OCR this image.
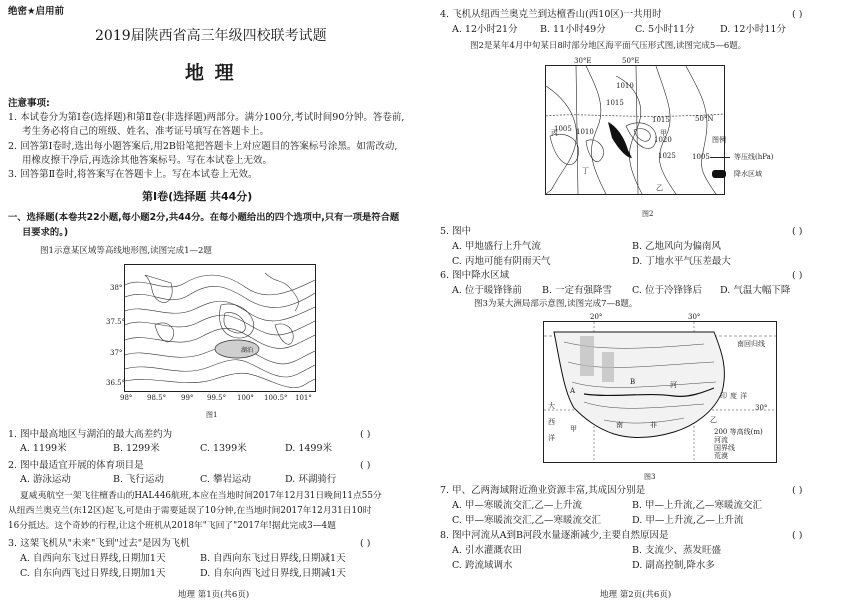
绝密★启用前
2019届陕西省高三年级四校联考试题
地 理
注意事项:
1. 本试卷分为第Ⅰ卷(选择题)和第Ⅱ卷(非选择题)两部分。满分100分,考试时间90分钟。答卷前,
考生务必将自己的班级、姓名、准考证号填写在答题卡上。
2. 回答第Ⅰ卷时,选出每小题答案后,用2B铅笔把答题卡上对应题目的答案标号涂黑。如需改动,
用橡皮擦干净后,再选涂其他答案标号。写在本试卷上无效。
3. 回答第Ⅱ卷时,将答案写在答题卡上。写在本试卷上无效。
第Ⅰ卷(选择题 共44分)
一、选择题(本卷共22小题,每小题2分,共44分。在每小题给出的四个选项中,只有一项是符合题
目要求的。)
图1示意某区域等高线地形图,读图完成1—2题
湖泊
38°
37.5°
37°
36.5°
98° 98.5° 99° 99.5° 100° 100.5° 101°
图1
1. 图中最高地区与湖泊的最大高差约为	( )
A. 1199米	B. 1299米	C. 1399米	D. 1499米
2. 图中最适宜开展的体育项目是	( )
A. 游泳运动	B. 飞行运动	C. 攀岩运动	D. 环湖骑行
夏威夷航空一架飞往檀香山的HAL446航班,本应在当地时间2017年12月31日晚间11点55分
从纽西兰奥克兰(东12区)起飞,可是由于需要延误了10分钟,在当地时间2017年12月31日10时
16分抵达。这个奇妙的行程,让这个班机从2018年"飞回了"2017年!据此完成3—4题
3. 这架飞机从"未来"飞到"过去"是因为飞机	( )
A. 自西向东飞过日界线,日期加1天	B. 自西向东飞过日界线,日期减1天
C. 自东向西飞过日界线,日期加1天	D. 自东向西飞过日界线,日期减1天
地理 第1页(共6页)
4. 飞机从纽西兰奥克兰到达檀香山(西10区)一共用时	( )
A. 12小时21分 B. 11小时49分	C. 5小时11分	D. 12小时11分
图2是某年4月中旬某日8时部分地区海平面气压形式图,读图完成5—6题。
30°E	50°E
50°N
1010
1015
1005 1010
1015
1020
1025
甲
乙
丙
丁
图例
1005	等压线(hPa)
降水区域
图2
5. 图中	( )
A. 甲地盛行上升气流	B. 乙地风向为偏南风
C. 丙地可能有阴雨天气	D. 丁地水平气压差最大
6. 图中降水区域	( )
A. 位于暖锋锋前 B. 一定有强降雪 C. 位于冷锋锋后 D. 气温大幅下降
图3为某大洲局部示意图,读图完成7—8题。
20°	30°
30°
南回归线
大
西
洋
甲	南	非
乙
印 度 洋
A
B	河
200 等高线(m)
河流
国界线
荒漠
图3
7. 甲、乙两海域附近渔业资源丰富,其成因分别是	( )
A. 甲—寒暖流交汇,乙—上升流	B. 甲—上升流,乙—寒暖流交汇
C. 甲—寒暖流交汇,乙—寒暖流交汇	D. 甲—上升流,乙—上升流
8. 图中河流从A到B河段水量逐渐减少,主要自然原因是	( )
A. 引水灌溉农田	B. 支流少、蒸发旺盛
C. 跨流域调水	D. 副高控制,降水多
地理 第2页(共6页)
